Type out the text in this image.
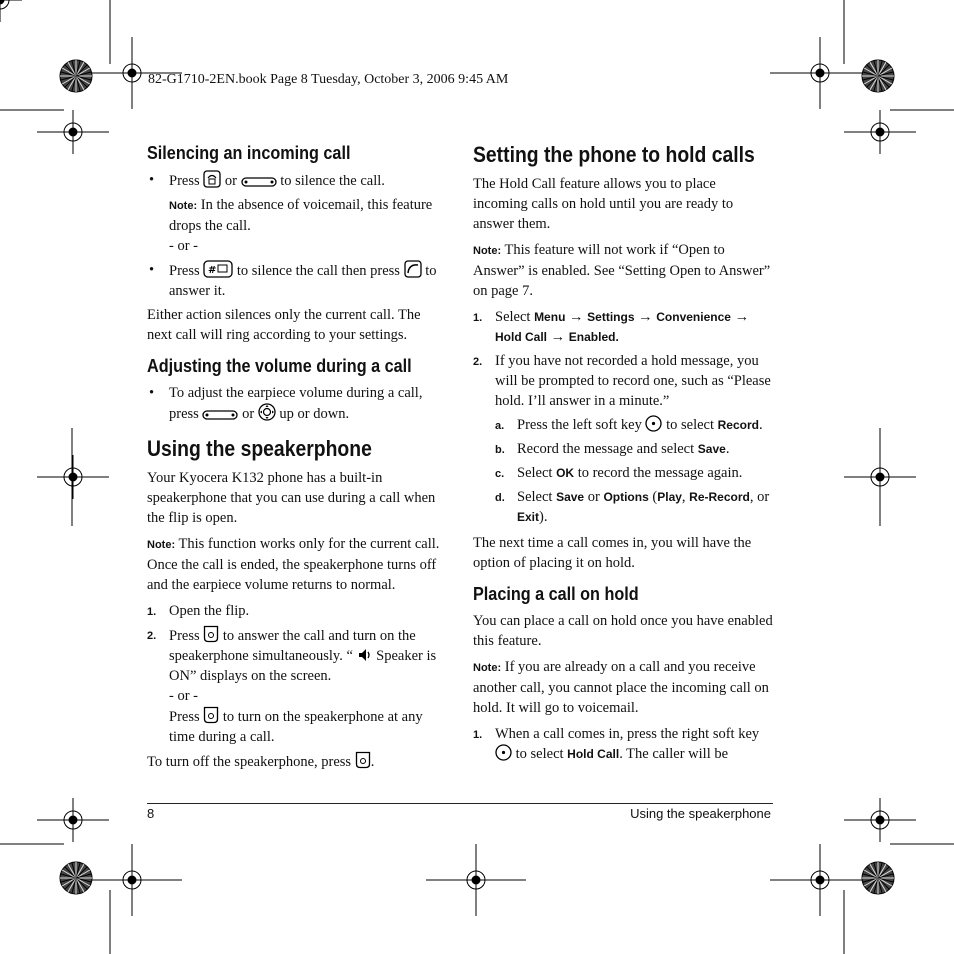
82-G1710-2EN.book Page 8 Tuesday, October 3, 2006 9:45 AM
Silencing an incoming call
• Press or	to silence the call.
Note: In the absence of voicemail, this feature drops the call.
- or -
• Press # to silence the call then press to answer it.
Either action silences only the current call. The next call will ring according to your settings.
Adjusting the volume during a call
• To adjust the earpiece volume during a call, press	or up or down.
Using the speakerphone
Your Kyocera K132 phone has a built-in speakerphone that you can use during a call when the flip is open.
Note: This function works only for the current call. Once the call is ended, the speakerphone turns off and the earpiece volume returns to normal.
1. Open the flip.
2. Press to answer the call and turn on the speakerphone simultaneously. “ Speaker is ON” displays on the screen.
- or -
Press to turn on the speakerphone at any time during a call.
To turn off the speakerphone, press .
Setting the phone to hold calls
The Hold Call feature allows you to place incoming calls on hold until you are ready to answer them.
Note: This feature will not work if “Open to Answer” is enabled. See “Setting Open to Answer” on page 7.
1. Select Menu → Settings → Convenience → Hold Call → Enabled.
2. If you have not recorded a hold message, you will be prompted to record one, such as “Please hold. I’ll answer in a minute.”
a. Press the left soft key to select Record.
b. Record the message and select Save.
c. Select OK to record the message again.
d. Select Save or Options (Play, Re-Record, or Exit).
The next time a call comes in, you will have the option of placing it on hold.
Placing a call on hold
You can place a call on hold once you have enabled this feature.
Note: If you are already on a call and you receive another call, you cannot place the incoming call on hold. It will go to voicemail.
1. When a call comes in, press the right soft key  to select Hold Call. The caller will be
8	Using the speakerphone
